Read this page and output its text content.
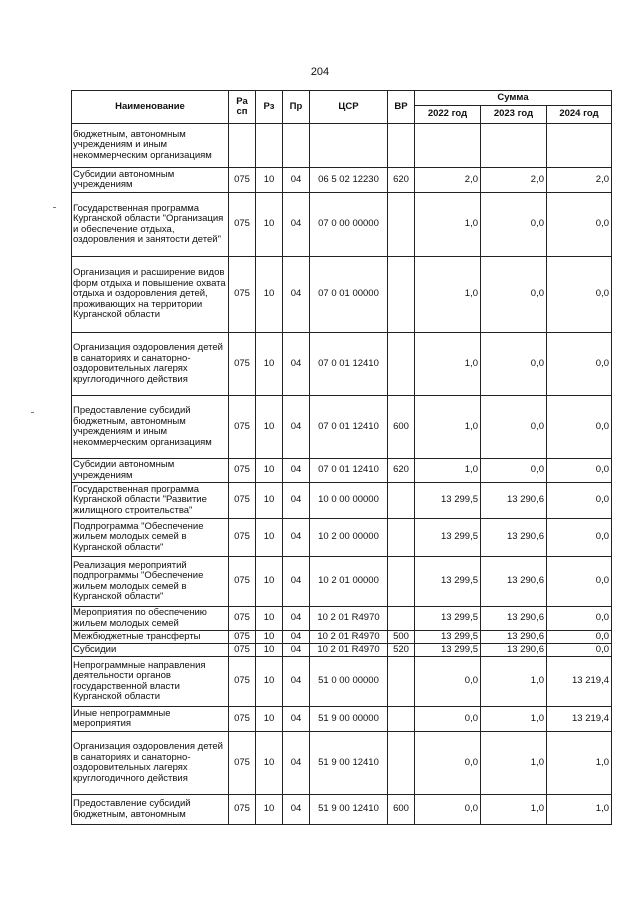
204
Наименование	Ра сп	Рз	Пр	ЦСР	ВР	Сумма		
						2022 год	2023 год	2024 год
бюджетным, автономным учреждениям и иным некоммерческим организациям								
Субсидии автономным учреждениям	075	10	04	06 5 02 12230	620	2,0	2,0	2,0
Государственная программа Курганской области "Организация и обеспечение отдыха, оздоровления и занятости детей"	075	10	04	07 0 00 00000		1,0	0,0	0,0
Организация и расширение видов форм отдыха и повышение охвата отдыха и оздоровления детей, проживающих на территории Курганской области	075	10	04	07 0 01 00000		1,0	0,0	0,0
Организация оздоровления детей в санаториях и санаторно-оздоровительных лагерях круглогодичного действия	075	10	04	07 0 01 12410		1,0	0,0	0,0
Предоставление субсидий бюджетным, автономным учреждениям и иным некоммерческим организациям	075	10	04	07 0 01 12410	600	1,0	0,0	0,0
Субсидии автономным учреждениям	075	10	04	07 0 01 12410	620	1,0	0,0	0,0
Государственная программа Курганской области "Развитие жилищного строительства"	075	10	04	10 0 00 00000		13 299,5	13 290,6	0,0
Подпрограмма "Обеспечение жильем молодых семей в Курганской области"	075	10	04	10 2 00 00000		13 299,5	13 290,6	0,0
Реализация мероприятий подпрограммы "Обеспечение жильем молодых семей в Курганской области"	075	10	04	10 2 01 00000		13 299,5	13 290,6	0,0
Мероприятия по обеспечению жильем молодых семей	075	10	04	10 2 01 R4970		13 299,5	13 290,6	0,0
Межбюджетные трансферты	075	10	04	10 2 01 R4970	500	13 299,5	13 290,6	0,0
Субсидии	075	10	04	10 2 01 R4970	520	13 299,5	13 290,6	0,0
Непрограммные направления деятельности органов государственной власти Курганской области	075	10	04	51 0 00 00000		0,0	1,0	13 219,4
Иные непрограммные мероприятия	075	10	04	51 9 00 00000		0,0	1,0	13 219,4
Организация оздоровления детей в санаториях и санаторно-оздоровительных лагерях круглогодичного действия	075	10	04	51 9 00 12410		0,0	1,0	1,0
Предоставление субсидий бюджетным, автономным	075	10	04	51 9 00 12410	600	0,0	1,0	1,0
